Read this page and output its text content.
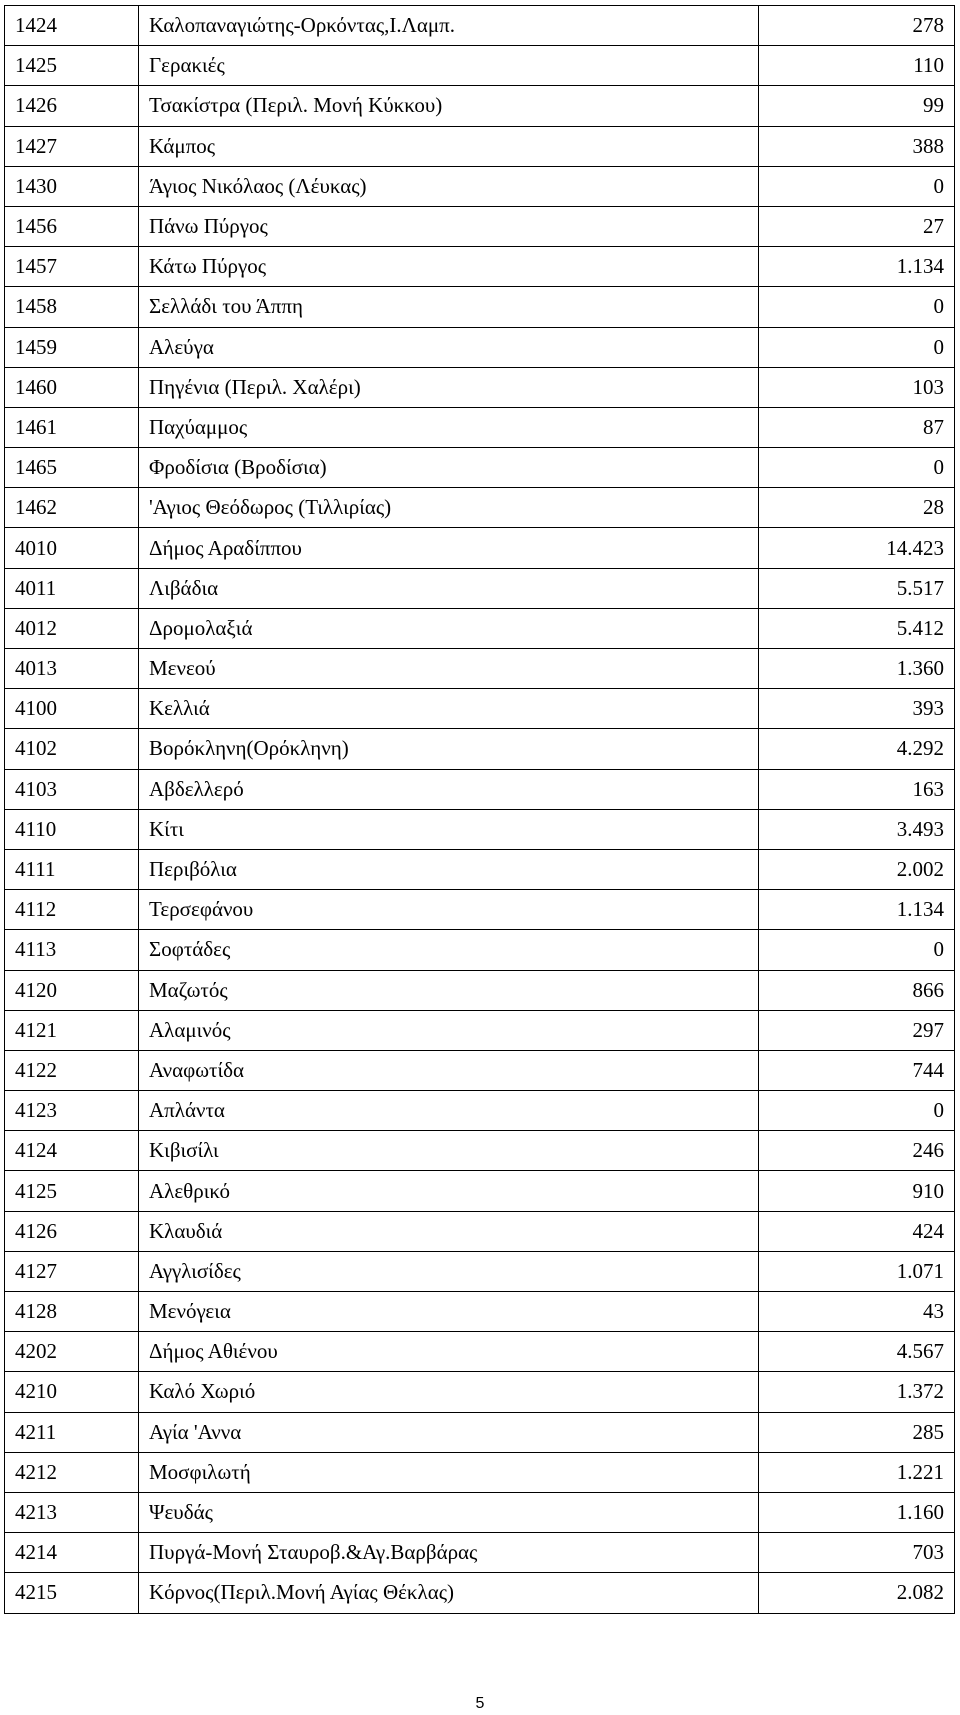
1424	Καλοπαναγιώτης-Ορκόντας,Ι.Λαμπ.	278
1425	Γερακιές	110
1426	Τσακίστρα (Περιλ. Μονή Κύκκου)	99
1427	Κάμπος	388
1430	Άγιος Νικόλαος (Λέυκας)	0
1456	Πάνω Πύργος	27
1457	Κάτω Πύργος	1.134
1458	Σελλάδι του Άππη	0
1459	Αλεύγα	0
1460	Πηγένια (Περιλ. Χαλέρι)	103
1461	Παχύαμμος	87
1465	Φροδίσια (Βροδίσια)	0
1462	'Αγιος Θεόδωρος (Τιλλιρίας)	28
4010	Δήμος Αραδίππου	14.423
4011	Λιβάδια	5.517
4012	Δρομολαξιά	5.412
4013	Μενεού	1.360
4100	Κελλιά	393
4102	Βορόκληνη(Ορόκληνη)	4.292
4103	Αβδελλερό	163
4110	Κίτι	3.493
4111	Περιβόλια	2.002
4112	Τερσεφάνου	1.134
4113	Σοφτάδες	0
4120	Μαζωτός	866
4121	Αλαμινός	297
4122	Αναφωτίδα	744
4123	Απλάντα	0
4124	Κιβισίλι	246
4125	Αλεθρικό	910
4126	Κλαυδιά	424
4127	Αγγλισίδες	1.071
4128	Μενόγεια	43
4202	Δήμος Αθιένου	4.567
4210	Καλό Χωριό	1.372
4211	Αγία 'Αννα	285
4212	Μοσφιλωτή	1.221
4213	Ψευδάς	1.160
4214	Πυργά-Μονή Σταυροβ.&Αγ.Βαρβάρας	703
4215	Κόρνος(Περιλ.Μονή Αγίας Θέκλας)	2.082
5
